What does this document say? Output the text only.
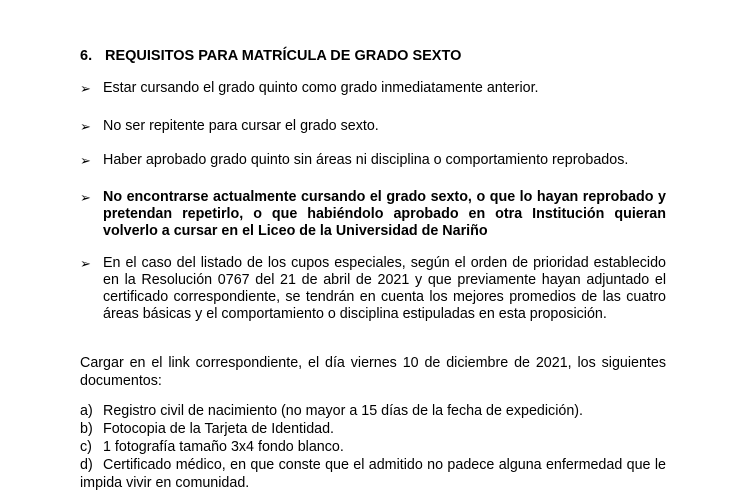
6. REQUISITOS PARA MATRÍCULA DE GRADO SEXTO
➢ Estar cursando el grado quinto como grado inmediatamente anterior.
➢ No ser repitente para cursar el grado sexto.
➢ Haber aprobado grado quinto sin áreas ni disciplina o comportamiento reprobados.
➢ No encontrarse actualmente cursando el grado sexto, o que lo hayan reprobado y pretendan repetirlo, o que habiéndolo aprobado en otra Institución quieran volverlo a cursar en el Liceo de la Universidad de Nariño
➢ En el caso del listado de los cupos especiales, según el orden de prioridad establecido en la Resolución 0767 del 21 de abril de 2021 y que previamente hayan adjuntado el certificado correspondiente, se tendrán en cuenta los mejores promedios de las cuatro áreas básicas y el comportamiento o disciplina estipuladas en esta proposición.
Cargar en el link correspondiente, el día viernes 10 de diciembre de 2021, los siguientes documentos:
a) Registro civil de nacimiento (no mayor a 15 días de la fecha de expedición).
b) Fotocopia de la Tarjeta de Identidad.
c) 1 fotografía tamaño 3x4 fondo blanco.
d) Certificado médico, en que conste que el admitido no padece alguna enfermedad que le impida vivir en comunidad.
